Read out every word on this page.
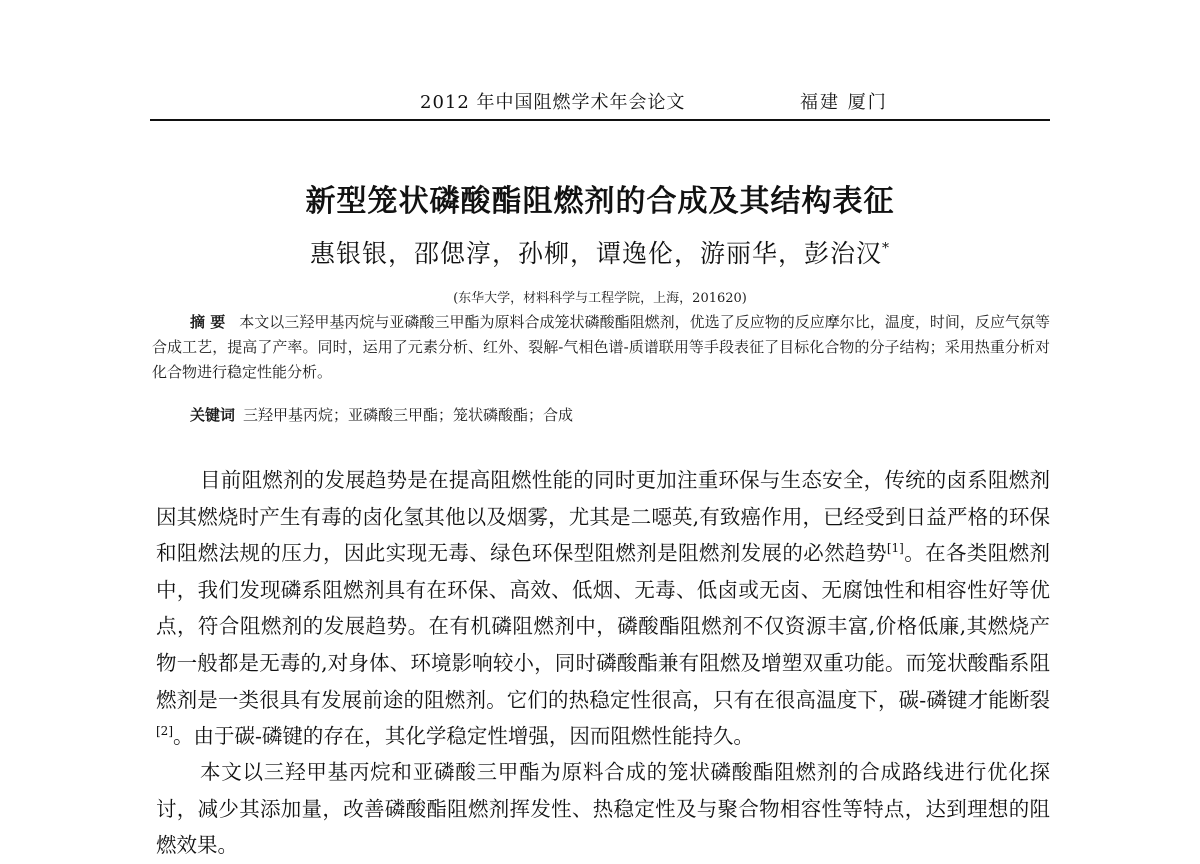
2012 年中国阻燃学术年会论文	福建 厦门
新型笼状磷酸酯阻燃剂的合成及其结构表征
惠银银，邵偲淳，孙柳，谭逸伦，游丽华，彭治汉*
(东华大学，材料科学与工程学院，上海，201620)
摘 要 本文以三羟甲基丙烷与亚磷酸三甲酯为原料合成笼状磷酸酯阻燃剂，优选了反应物的反应摩尔比，温度，时间，反应气氛等合成工艺，提高了产率。同时，运用了元素分析、红外、裂解-气相色谱-质谱联用等手段表征了目标化合物的分子结构；采用热重分析对化合物进行稳定性能分析。
关键词 三羟甲基丙烷；亚磷酸三甲酯；笼状磷酸酯；合成

目前阻燃剂的发展趋势是在提高阻燃性能的同时更加注重环保与生态安全，传统的卤系阻燃剂因其燃烧时产生有毒的卤化氢其他以及烟雾，尤其是二噁英,有致癌作用，已经受到日益严格的环保和阻燃法规的压力，因此实现无毒、绿色环保型阻燃剂是阻燃剂发展的必然趋势[1]。在各类阻燃剂中，我们发现磷系阻燃剂具有在环保、高效、低烟、无毒、低卤或无卤、无腐蚀性和相容性好等优点，符合阻燃剂的发展趋势。在有机磷阻燃剂中，磷酸酯阻燃剂不仅资源丰富,价格低廉,其燃烧产物一般都是无毒的,对身体、环境影响较小，同时磷酸酯兼有阻燃及增塑双重功能。而笼状酸酯系阻燃剂是一类很具有发展前途的阻燃剂。它们的热稳定性很高，只有在很高温度下，碳-磷键才能断裂[2]。由于碳-磷键的存在，其化学稳定性增强，因而阻燃性能持久。

本文以三羟甲基丙烷和亚磷酸三甲酯为原料合成的笼状磷酸酯阻燃剂的合成路线进行优化探讨，减少其添加量，改善磷酸酯阻燃剂挥发性、热稳定性及与聚合物相容性等特点，达到理想的阻燃效果。
